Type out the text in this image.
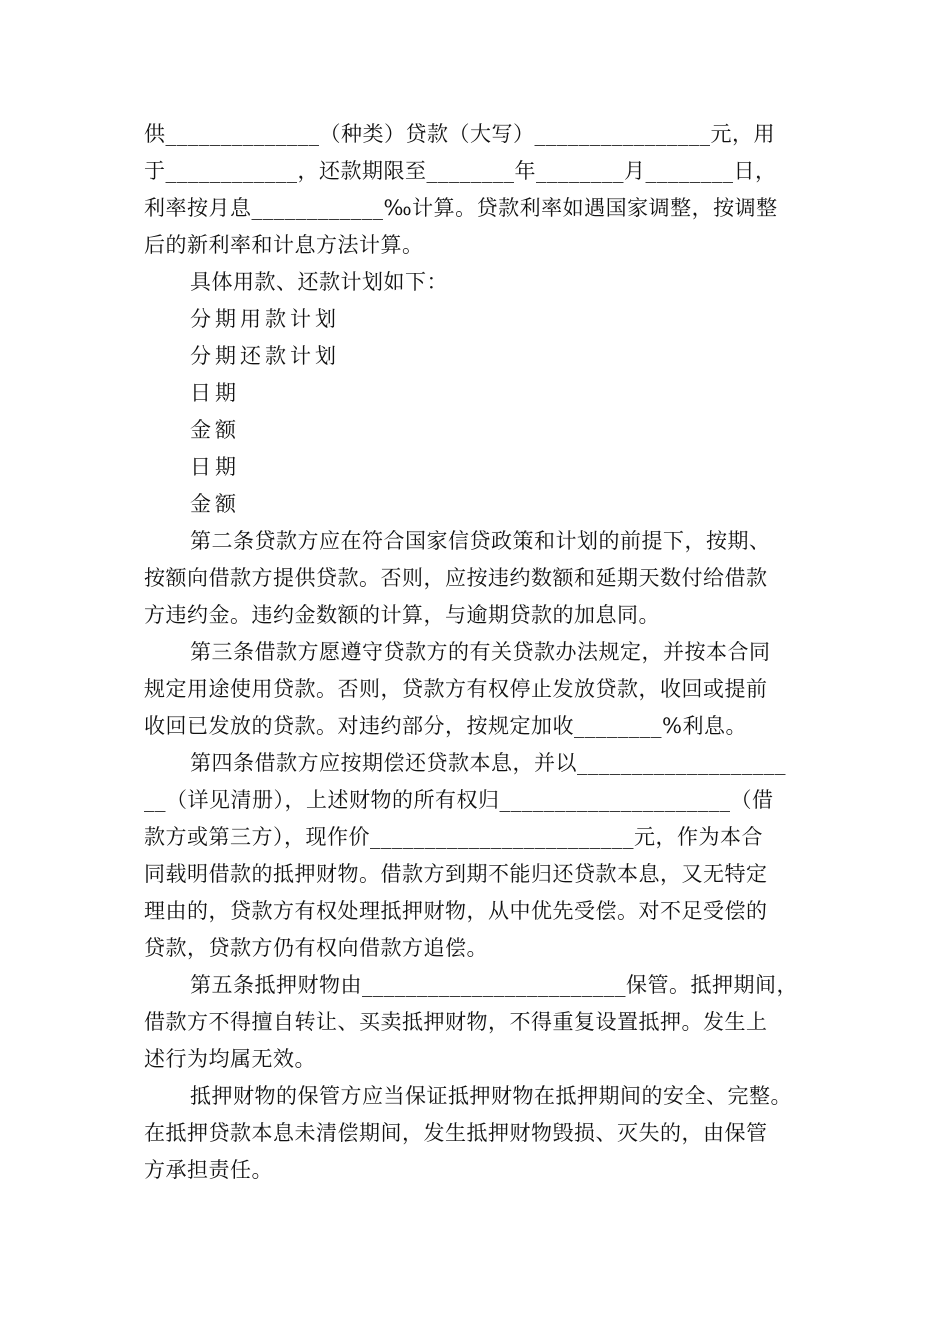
供______________（种类）贷款（大写）________________元，用
于____________，还款期限至________年________月________日，
利率按月息____________‰计算。贷款利率如遇国家调整，按调整
后的新利率和计息方法计算。
具体用款、还款计划如下：
分期用款计划
分期还款计划
日期
金额
日期
金额
第二条贷款方应在符合国家信贷政策和计划的前提下，按期、
按额向借款方提供贷款。否则，应按违约数额和延期天数付给借款
方违约金。违约金数额的计算，与逾期贷款的加息同。
第三条借款方愿遵守贷款方的有关贷款办法规定，并按本合同
规定用途使用贷款。否则，贷款方有权停止发放贷款，收回或提前
收回已发放的贷款。对违约部分，按规定加收________%利息。
第四条借款方应按期偿还贷款本息，并以___________________
__（详见清册），上述财物的所有权归_____________________（借
款方或第三方），现作价________________________元，作为本合
同载明借款的抵押财物。借款方到期不能归还贷款本息，又无特定
理由的，贷款方有权处理抵押财物，从中优先受偿。对不足受偿的
贷款，贷款方仍有权向借款方追偿。
第五条抵押财物由________________________保管。抵押期间，
借款方不得擅自转让、买卖抵押财物，不得重复设置抵押。发生上
述行为均属无效。
抵押财物的保管方应当保证抵押财物在抵押期间的安全、完整。
在抵押贷款本息未清偿期间，发生抵押财物毁损、灭失的，由保管
方承担责任。
